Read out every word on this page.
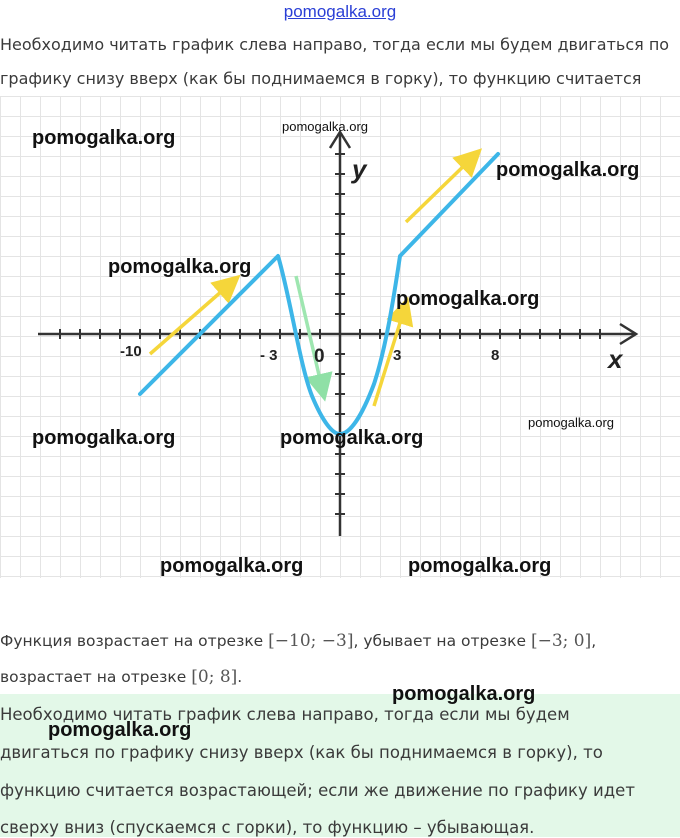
pomogalka.org
Необходимо читать график слева направо, тогда если мы будем двигаться по
графику снизу вверх (как бы поднимаемся в горку), то функцию считается
y
x
-10	- 3 0	3	8
pomogalka.org
pomogalka.org
pomogalka.org
pomogalka.org
pomogalka.org
pomogalka.org
pomogalka.org	pomogalka.org
pomogalka.org	pomogalka.org
Функция возрастает на отрезке [−10; −3], убывает на отрезке [−3; 0],
возрастает на отрезке [0; 8].
Необходимо читать график слева направо, тогда если мы будем
двигаться по графику снизу вверх (как бы поднимаемся в горку), то
функцию считается возрастающей; если же движение по графику идет
сверху вниз (спускаемся с горки), то функцию – убывающая.
pomogalka.org
pomogalka.org
